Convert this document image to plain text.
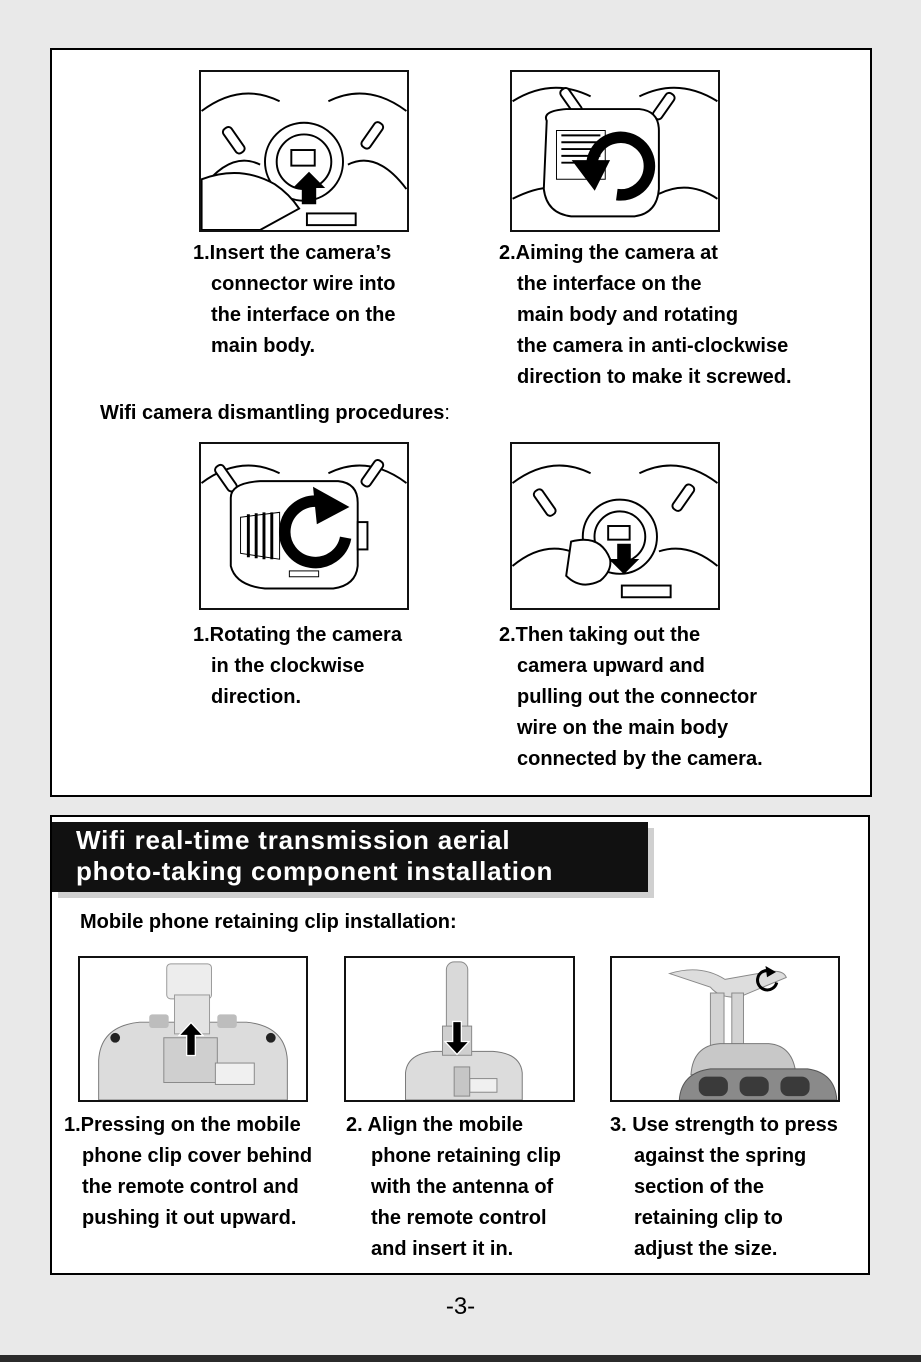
1.Insert the camera’s
connector wire into
the interface on the
main body.
2.Aiming the camera at
the interface on the
main body and rotating
the camera in anti-clockwise
direction to make it screwed.
Wifi camera dismantling procedures:
1.Rotating the camera
in the clockwise
direction.
2.Then taking out the
camera upward and
pulling out the connector
wire on the main body
connected by the camera.
Wifi real-time transmission aerial
photo-taking component installation
Mobile phone retaining clip installation:
1.Pressing on the mobile
phone clip cover behind
the remote control and
pushing it out upward.
2. Align the mobile
phone retaining clip
with the antenna of
the remote control
and insert it in.
3. Use strength to press
against the spring
section of the
retaining clip to
adjust the size.
-3-
